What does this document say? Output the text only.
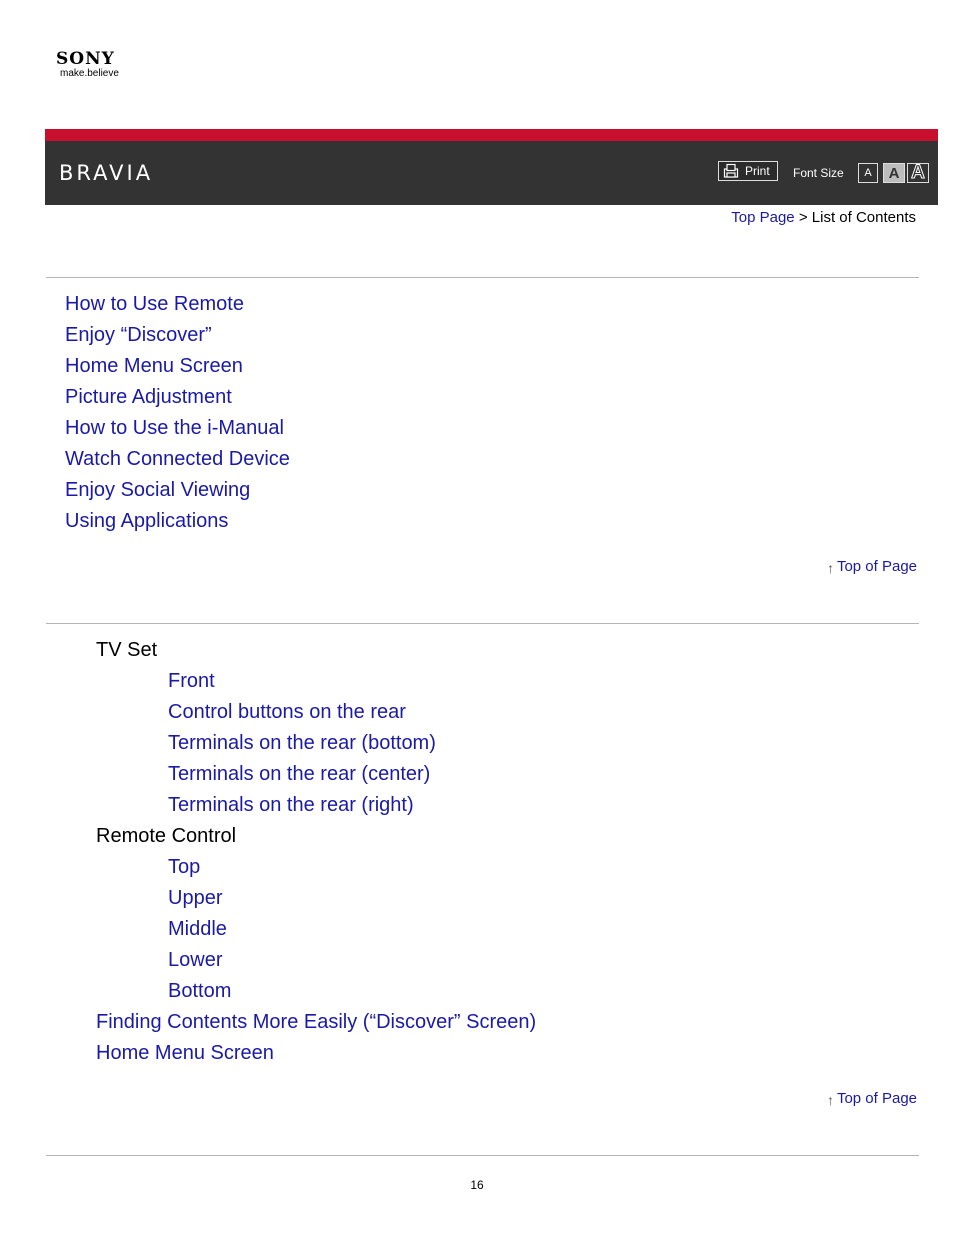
SONY
make.believe
BRAVIA	Print Font Size	A	A A
Top Page > List of Contents
How to Use Remote
Enjoy “Discover”
Home Menu Screen
Picture Adjustment
How to Use the i-Manual
Watch Connected Device
Enjoy Social Viewing
Using Applications
↑ Top of Page
TV Set
Front
Control buttons on the rear
Terminals on the rear (bottom)
Terminals on the rear (center)
Terminals on the rear (right)
Remote Control
Top
Upper
Middle
Lower
Bottom
Finding Contents More Easily (“Discover” Screen)
Home Menu Screen
↑ Top of Page
16
